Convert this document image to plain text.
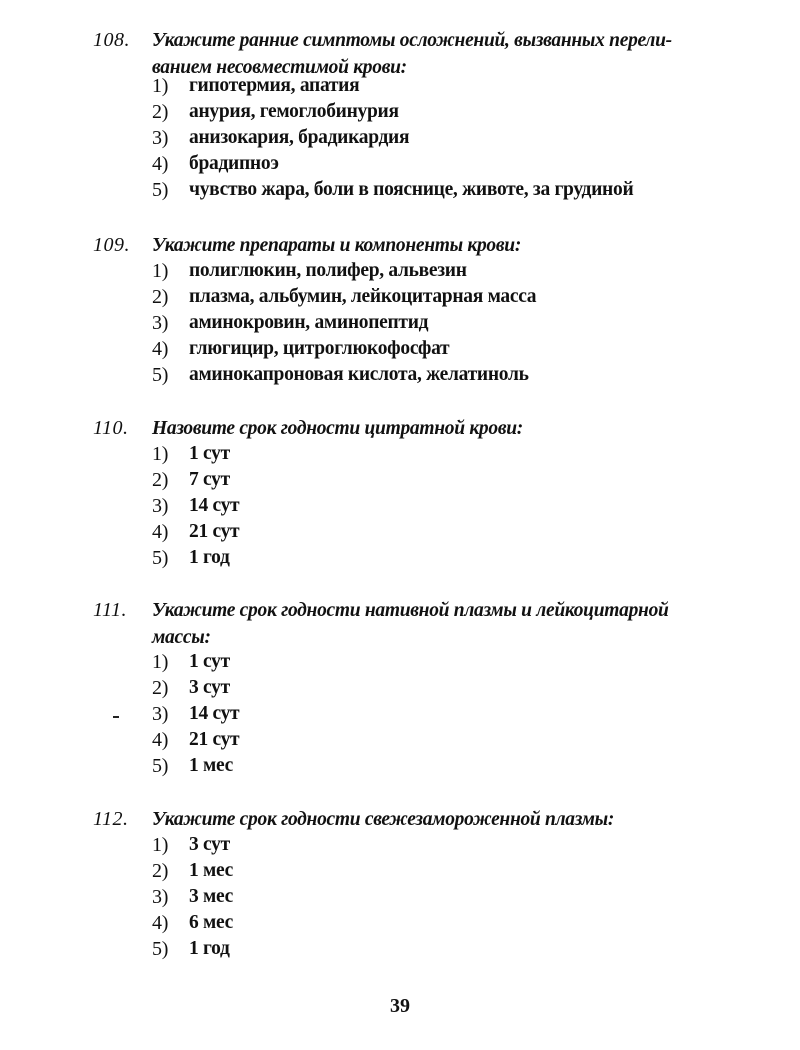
108. Укажите ранние симптомы осложнений, вызванных перели-
ванием несовместимой крови:
1) гипотермия, апатия
2) анурия, гемоглобинурия
3) анизокария, брадикардия
4) брадипноэ
5) чувство жара, боли в пояснице, животе, за грудиной
109. Укажите препараты и компоненты крови:
1) полиглюкин, полифер, альвезин
2) плазма, альбумин, лейкоцитарная масса
3) аминокровин, аминопептид
4) глюгицир, цитроглюкофосфат
5) аминокапроновая кислота, желатиноль
110. Назовите срок годности цитратной крови:
1) 1 сут
2) 7 сут
3) 14 сут
4) 21 сут
5) 1 год
111. Укажите срок годности нативной плазмы и лейкоцитарной
массы:
1) 1 сут
2) 3 сут
3) 14 сут
4) 21 сут
5) 1 мес
112. Укажите срок годности свежезамороженной плазмы:
1) 3 сут
2) 1 мес
3) 3 мес
4) 6 мес
5) 1 год
39
